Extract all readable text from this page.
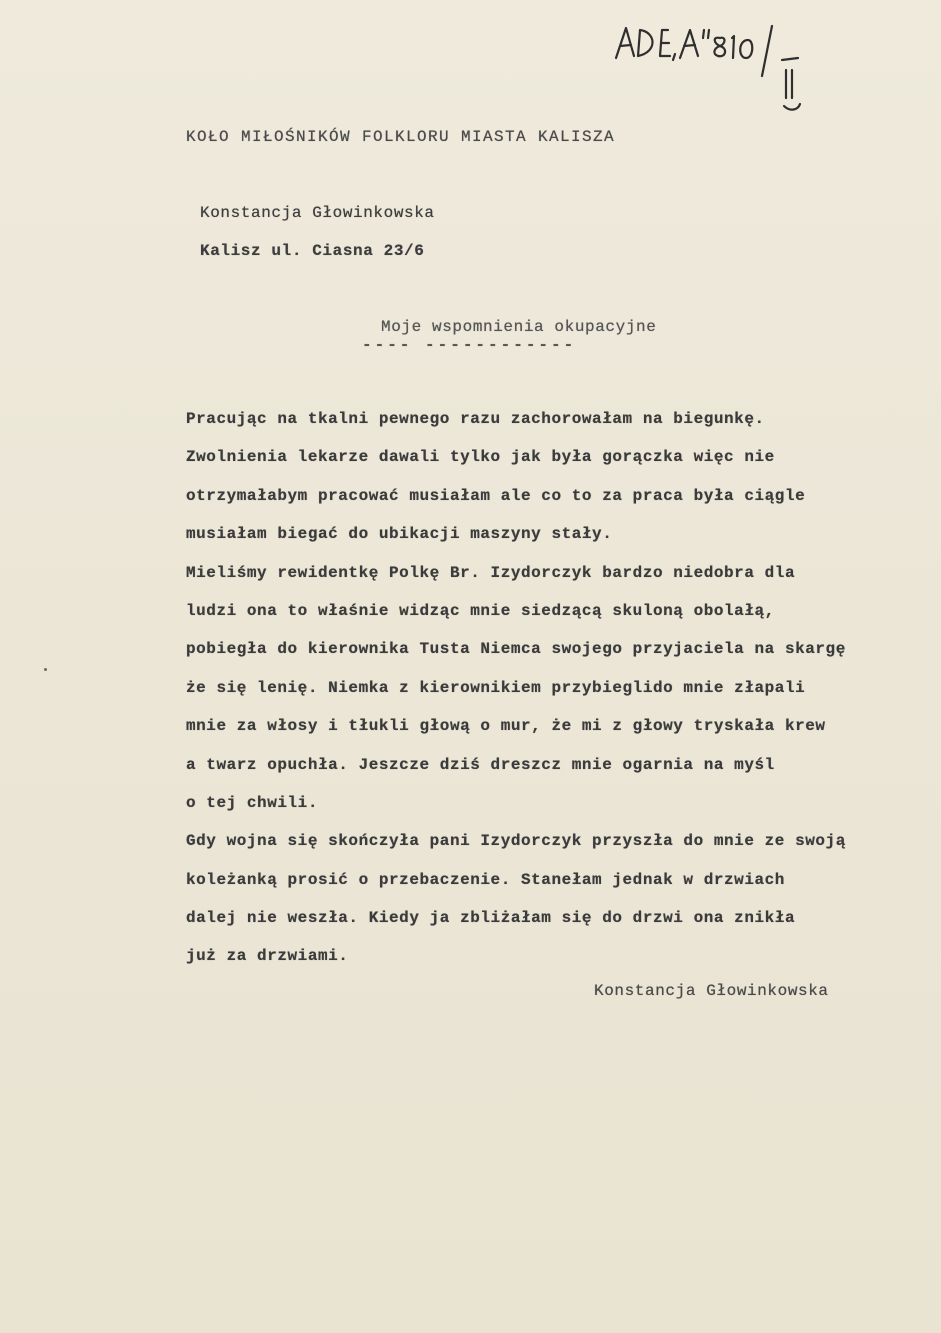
KOŁO MIŁOŚNIKÓW FOLKLORU MIASTA KALISZA
Konstancja Głowinkowska
Kalisz ul. Ciasna 23/6
Moje wspomnienia okupacyjne
---- ------------
Pracując na tkalni pewnego razu zachorowałam na biegunkę.
Zwolnienia lekarze dawali tylko jak była gorączka więc nie
otrzymałabym pracować musiałam ale co to za praca była ciągle
musiałam biegać do ubikacji maszyny stały.
Mieliśmy rewidentkę Polkę Br. Izydorczyk bardzo niedobra dla
ludzi ona to właśnie widząc mnie siedzącą skuloną obolałą,
pobiegła do kierownika Tusta Niemca swojego przyjaciela na skargę
że się lenię. Niemka z kierownikiem przybieglido mnie złapali
mnie za włosy i tłukli głową o mur, że mi z głowy tryskała krew
a twarz opuchła. Jeszcze dziś dreszcz mnie ogarnia na myśl
o tej chwili.
Gdy wojna się skończyła pani Izydorczyk przyszła do mnie ze swoją
koleżanką prosić o przebaczenie. Stanełam jednak w drzwiach
dalej nie weszła. Kiedy ja zbliżałam się do drzwi ona znikła
już za drzwiami.
Konstancja Głowinkowska
